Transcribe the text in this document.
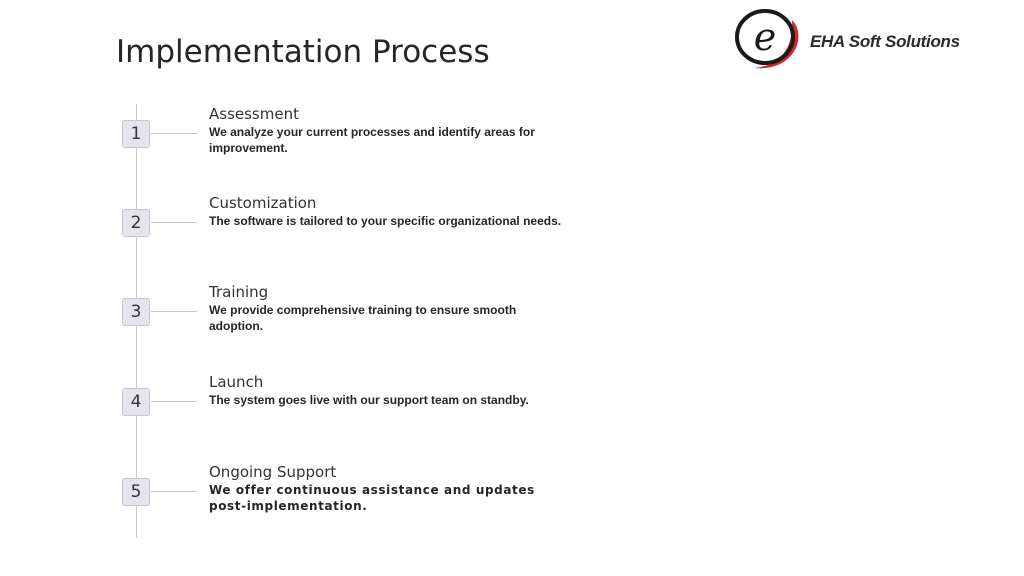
Implementation Process	e EHA Soft Solutions
1
Assessment
We analyze your current processes and identify areas for improvement.
2
Customization
The software is tailored to your specific organizational needs.
3
Training
We provide comprehensive training to ensure smooth adoption.
4
Launch
The system goes live with our support team on standby.
5
Ongoing Support
We offer continuous assistance and updates post-implementation.
